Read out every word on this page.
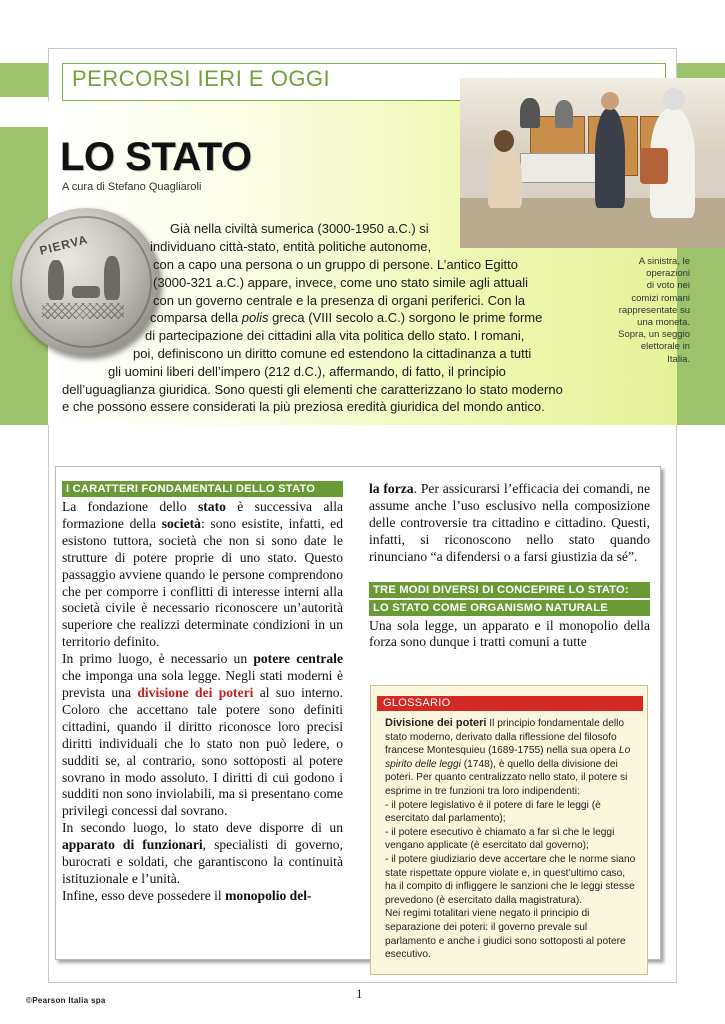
PERCORSI IERI E OGGI
LO STATO
A cura di Stefano Quagliaroli
PIERVA
A sinistra, le
operazioni
di voto nei
comizi romani
rappresentate su
una moneta.
Sopra, un seggio
elettorale in
Italia.
Già nella civiltà sumerica (3000-1950 a.C.) si
individuano città-stato, entità politiche autonome,
con a capo una persona o un gruppo di persone. L’antico Egitto
(3000-321 a.C.) appare, invece, come uno stato simile agli attuali
con un governo centrale e la presenza di organi periferici. Con la
comparsa della polis greca (VIII secolo a.C.) sorgono le prime forme
di partecipazione dei cittadini alla vita politica dello stato. I romani,
poi, definiscono un diritto comune ed estendono la cittadinanza a tutti
gli uomini liberi dell’impero (212 d.C.), affermando, di fatto, il principio
dell’uguaglianza giuridica. Sono questi gli elementi che caratterizzano lo stato moderno
e che possono essere considerati la più preziosa eredità giuridica del mondo antico.
I CARATTERI FONDAMENTALI DELLO STATO

La fondazione dello stato è successiva alla formazione della società: sono esistite, infatti, ed esistono tuttora, società che non si sono date le strutture di potere proprie di uno stato. Questo passaggio avviene quando le persone comprendono che per comporre i conflitti di interesse interni alla società civile è necessario riconoscere un’autorità superiore che realizzi determinate condizioni in un territorio definito.

In primo luogo, è necessario un potere centrale che imponga una sola legge. Negli stati moderni è prevista una divisione dei poteri al suo interno. Coloro che accettano tale potere sono definiti cittadini, quando il diritto riconosce loro precisi diritti individuali che lo stato non può ledere, o sudditi se, al contrario, sono sottoposti al potere sovrano in modo assoluto. I diritti di cui godono i sudditi non sono inviolabili, ma si presentano come privilegi concessi dal sovrano.

In secondo luogo, lo stato deve disporre di un apparato di funzionari, specialisti di governo, burocrati e soldati, che garantiscono la continuità istituzionale e l’unità.

Infine, esso deve possedere il monopolio del-

la forza. Per assicurarsi l’efficacia dei comandi, ne assume anche l’uso esclusivo nella composizione delle controversie tra cittadino e cittadino. Questi, infatti, si riconoscono nello stato quando rinunciano “a difendersi o a farsi giustizia da sé”.

TRE MODI DIVERSI DI CONCEPIRE LO STATO:
LO STATO COME ORGANISMO NATURALE

Una sola legge, un apparato e il monopolio della forza sono dunque i tratti comuni a tutte

GLOSSARIO
Divisione dei poteri Il principio fondamentale dello stato moderno, derivato dalla riflessione del filosofo francese Montesquieu (1689-1755) nella sua opera Lo spirito delle leggi (1748), è quello della divisione dei poteri. Per quanto centralizzato nello stato, il potere si esprime in tre funzioni tra loro indipendenti:
- il potere legislativo è il potere di fare le leggi (è esercitato dal parlamento);
- il potere esecutivo è chiamato a far sì che le leggi vengano applicate (è esercitato dal governo);
- il potere giudiziario deve accertare che le norme siano state rispettate oppure violate e, in quest’ultimo caso, ha il compito di infliggere le sanzioni che le leggi stesse prevedono (è esercitato dalla magistratura).
Nei regimi totalitari viene negato il principio di separazione dei poteri: il governo prevale sul parlamento e anche i giudici sono sottoposti al potere esecutivo.
1
©Pearson Italia spa
